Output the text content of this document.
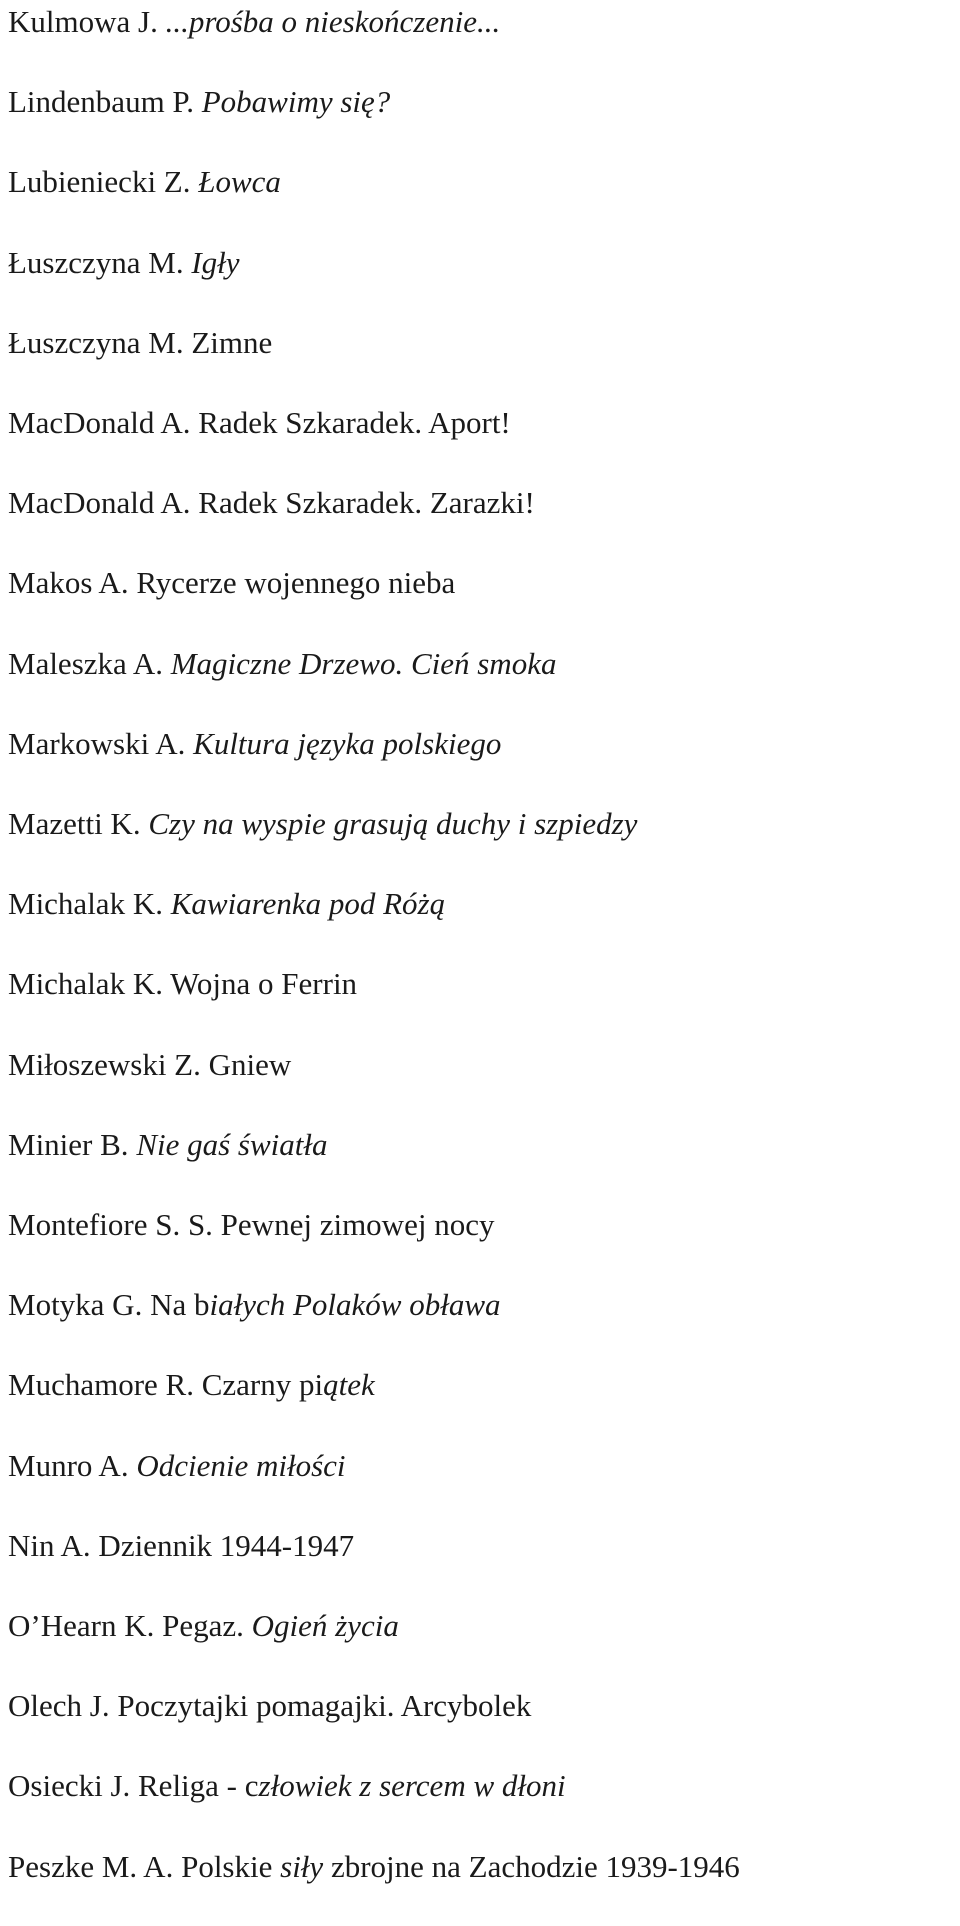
Kulmowa J. ...prośba o nieskończenie...
Lindenbaum P. Pobawimy się?
Lubieniecki Z. Łowca
Łuszczyna M. Igły
Łuszczyna M. Zimne
MacDonald A. Radek Szkaradek. Aport!
MacDonald A. Radek Szkaradek. Zarazki!
Makos A. Rycerze wojennego nieba
Maleszka A. Magiczne Drzewo. Cień smoka
Markowski A. Kultura języka polskiego
Mazetti K. Czy na wyspie grasują duchy i szpiedzy
Michalak K. Kawiarenka pod Różą
Michalak K. Wojna o Ferrin
Miłoszewski Z. Gniew
Minier B. Nie gaś światła
Montefiore S. S. Pewnej zimowej nocy
Motyka G. Na białych Polaków obława
Muchamore R. Czarny piątek
Munro A. Odcienie miłości
Nin A. Dziennik 1944-1947
O’Hearn K. Pegaz. Ogień życia
Olech J. Poczytajki pomagajki. Arcybolek
Osiecki J. Religa - człowiek z sercem w dłoni
Peszke M. A. Polskie siły zbrojne na Zachodzie 1939-1946
